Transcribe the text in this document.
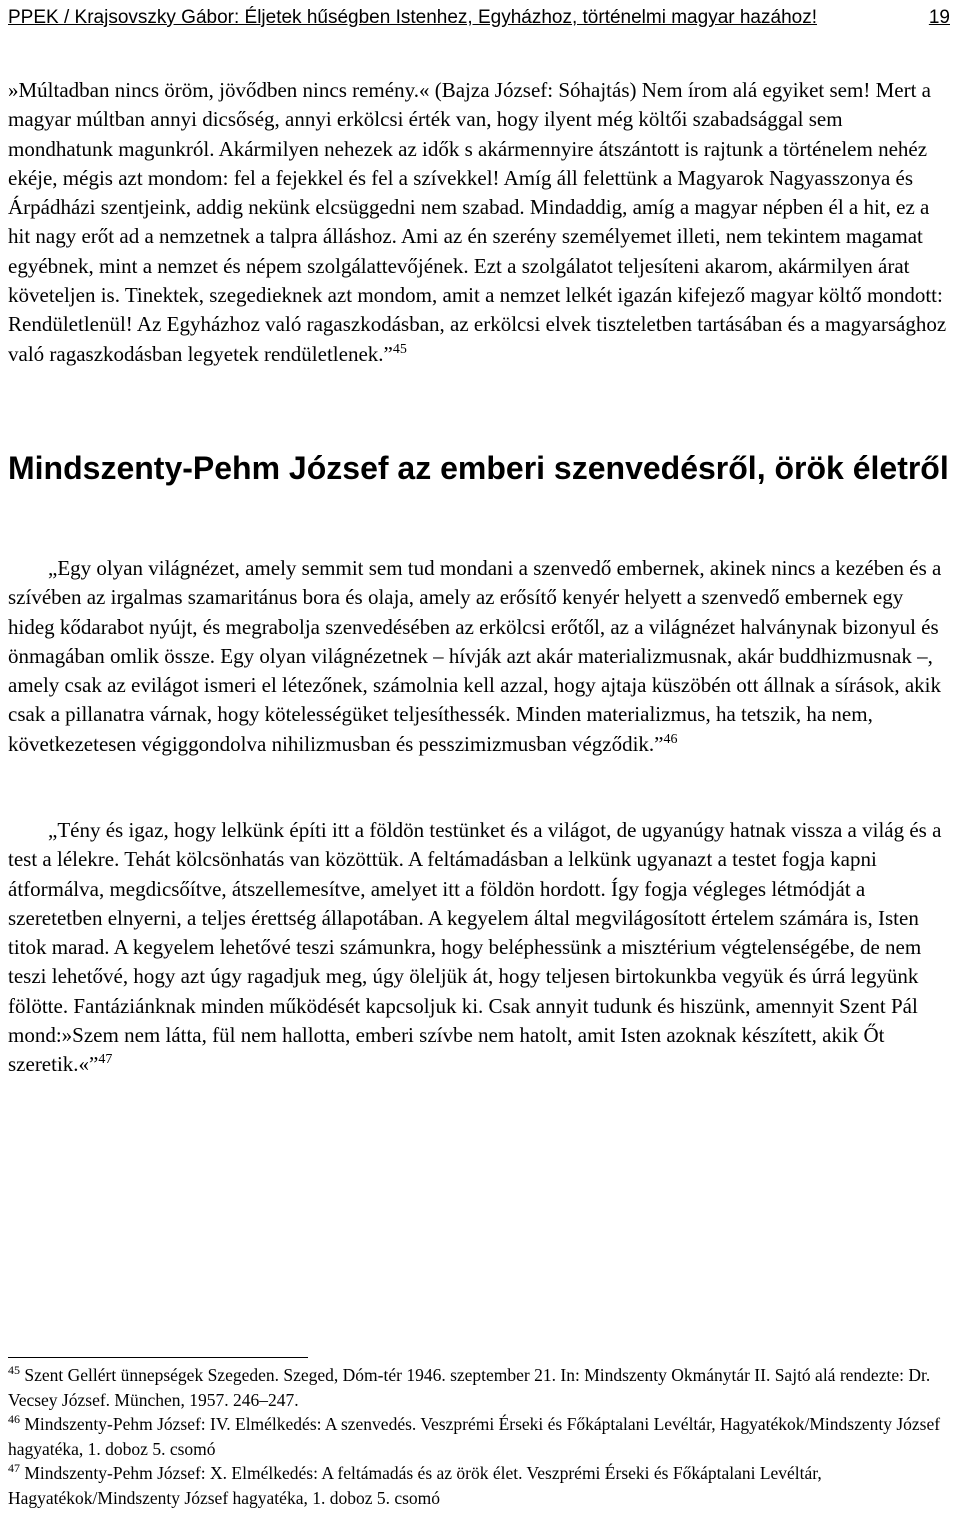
PPEK / Krajsovszky Gábor: Éljetek hűségben Istenhez, Egyházhoz, történelmi magyar hazához!	19

»Múltadban nincs öröm, jövődben nincs remény.« (Bajza József: Sóhajtás) Nem írom alá egyiket sem! Mert a magyar múltban annyi dicsőség, annyi erkölcsi érték van, hogy ilyent még költői szabadsággal sem mondhatunk magunkról. Akármilyen nehezek az idők s akármennyire átszántott is rajtunk a történelem nehéz ekéje, mégis azt mondom: fel a fejekkel és fel a szívekkel! Amíg áll felettünk a Magyarok Nagyasszonya és Árpádházi szentjeink, addig nekünk elcsüggedni nem szabad. Mindaddig, amíg a magyar népben él a hit, ez a hit nagy erőt ad a nemzetnek a talpra álláshoz. Ami az én szerény személyemet illeti, nem tekintem magamat egyébnek, mint a nemzet és népem szolgálattevőjének. Ezt a szolgálatot teljesíteni akarom, akármilyen árat követeljen is. Tinektek, szegedieknek azt mondom, amit a nemzet lelkét igazán kifejező magyar költő mondott: Rendületlenül! Az Egyházhoz való ragaszkodásban, az erkölcsi elvek tiszteletben tartásában és a magyarsághoz való ragaszkodásban legyetek rendületlenek.”$^{45}$

Mindszenty-Pehm József az emberi szenvedésről, örök életről

„Egy olyan világnézet, amely semmit sem tud mondani a szenvedő embernek, akinek nincs a kezében és a szívében az irgalmas szamaritánus bora és olaja, amely az erősítő kenyér helyett a szenvedő embernek egy hideg kődarabot nyújt, és megrabolja szenvedésében az erkölcsi erőtől, az a világnézet halványnak bizonyul és önmagában omlik össze. Egy olyan világnézetnek – hívják azt akár materializmusnak, akár buddhizmusnak –, amely csak az evilágot ismeri el létezőnek, számolnia kell azzal, hogy ajtaja küszöbén ott állnak a sírások, akik csak a pillanatra várnak, hogy kötelességüket teljesíthessék. Minden materializmus, ha tetszik, ha nem, következetesen végiggondolva nihilizmusban és pesszimizmusban végződik.”$^{46}$

„Tény és igaz, hogy lelkünk építi itt a földön testünket és a világot, de ugyanúgy hatnak vissza a világ és a test a lélekre. Tehát kölcsönhatás van közöttük. A feltámadásban a lelkünk ugyanazt a testet fogja kapni átformálva, megdicsőítve, átszellemesítve, amelyet itt a földön hordott. Így fogja végleges létmódját a szeretetben elnyerni, a teljes érettség állapotában. A kegyelem által megvilágosított értelem számára is, Isten titok marad. A kegyelem lehetővé teszi számunkra, hogy beléphessünk a misztérium végtelenségébe, de nem teszi lehetővé, hogy azt úgy ragadjuk meg, úgy öleljük át, hogy teljesen birtokunkba vegyük és úrrá legyünk fölötte. Fantáziánknak minden működését kapcsoljuk ki. Csak annyit tudunk és hiszünk, amennyit Szent Pál mond:»Szem nem látta, fül nem hallotta, emberi szívbe nem hatolt, amit Isten azoknak készített, akik Őt szeretik.«”$^{47}$

$^{45}$ Szent Gellért ünnepségek Szegeden. Szeged, Dóm-tér 1946. szeptember 21. In: Mindszenty Okmánytár II. Sajtó alá rendezte: Dr. Vecsey József. München, 1957. 246–247.

$^{46}$ Mindszenty-Pehm József: IV. Elmélkedés: A szenvedés. Veszprémi Érseki és Főkáptalani Levéltár, Hagyatékok/Mindszenty József hagyatéka, 1. doboz 5. csomó

$^{47}$ Mindszenty-Pehm József: X. Elmélkedés: A feltámadás és az örök élet. Veszprémi Érseki és Főkáptalani Levéltár, Hagyatékok/Mindszenty József hagyatéka, 1. doboz 5. csomó
